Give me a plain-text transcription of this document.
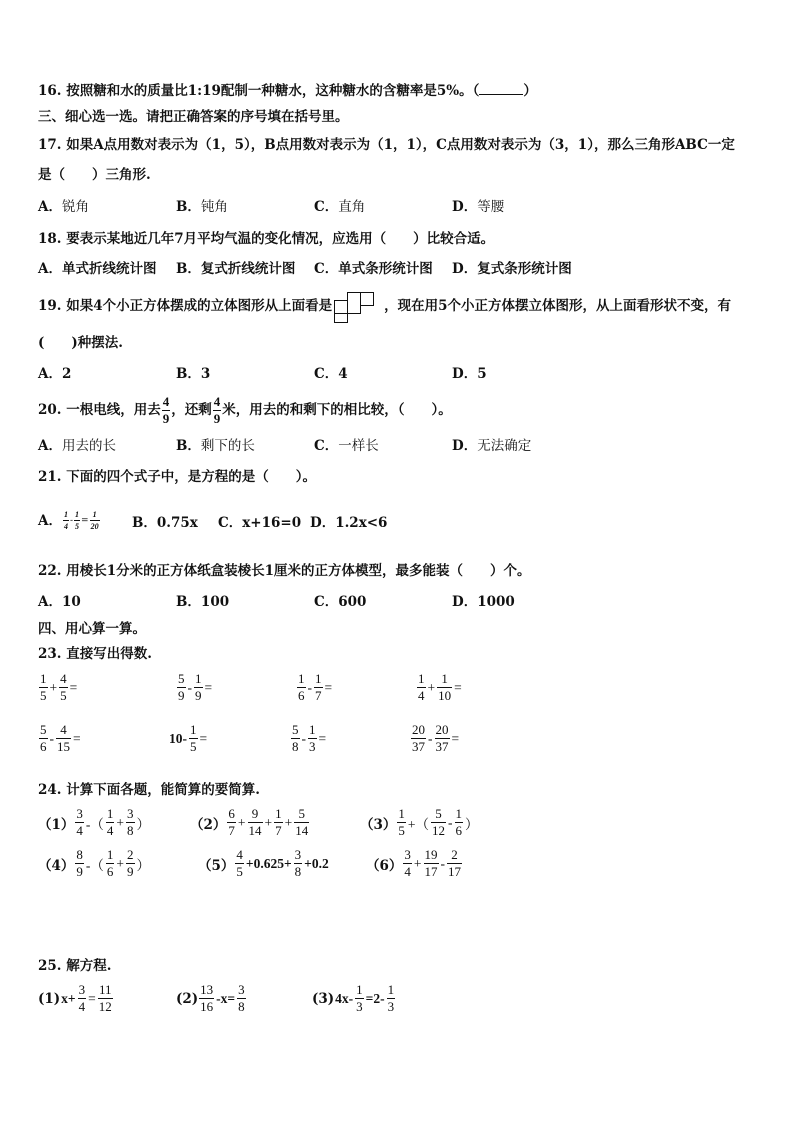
16. 按照糖和水的质量比1:19配制一种糖水，这种糖水的含糖率是5%。（	）
三、细心选一选。请把正确答案的序号填在括号里。
17. 如果A点用数对表示为（1，5），B点用数对表示为（1，1），C点用数对表示为（3，1），那么三角形ABC一定
是（　　）三角形.
A．锐角	B．钝角	C．直角	D．等腰
18. 要表示某地近几年7月平均气温的变化情况，应选用（　　）比较合适。
A．单式折线统计图 B．复式折线统计图 C．单式条形统计图 D．复式条形统计图
19. 如果4个小正方体摆成的立体图形从上面看是	，现在用5个小正方体摆立体图形，从上面看形状不变，有
(　　)种摆法.
A．2	B．3	C．4	D．5
20. 一根电线，用去 $\frac{4}{9}$ ，还剩 $\frac{4}{9}$ 米，用去的和剩下的相比较，（　　）。
A．用去的长	B．剩下的长	C．一样长	D．无法确定
21. 下面的四个式子中，是方程的是（　　）。
A． $\frac{1}{4} - \frac{1}{5} = \frac{1}{20}$ B．0.75x C．x+16=0 D．1.2x<6
22. 用棱长1分米的正方体纸盒装棱长1厘米的正方体模型，最多能装（　　）个。
A．10	B．100	C．600	D．1000
四、用心算一算。
23. 直接写出得数.
$\frac{1}{5} + \frac{4}{5}$ =	$\frac{5}{9} - \frac{1}{9}$ =	$\frac{1}{6} - \frac{1}{7}$ =	$\frac{1}{4} + \frac{1}{10}$ =
$\frac{5}{6} - \frac{4}{15}$ =	$10- \frac{1}{5}$ =	$\frac{5}{8} - \frac{1}{3}$ =	$\frac{20}{37} - \frac{20}{37}$ =
24. 计算下面各题，能简算的要简算.
$(1) \frac{3}{4}$ -（ $\frac{1}{4} + \frac{3}{8}$ ）	$(2) \frac{6}{7} + \frac{9}{14} + \frac{1}{7} + \frac{5}{14}$	$(3) \frac{1}{5}$ +（ $\frac{5}{12} - \frac{1}{6}$ ）
$(4) \frac{8}{9}$ -（ $\frac{1}{6} + \frac{2}{9}$ ）	$(5) \frac{4}{5} +0.625+ \frac{3}{8} +0.2$	$(6) \frac{3}{4} + \frac{19}{17} - \frac{2}{17}$
25. 解方程.
(1) $x+ \frac{3}{4} = \frac{11}{12}$	$(2) \frac{13}{16} -x= \frac{3}{8}$	(3) $4x- \frac{1}{3} =2- \frac{1}{3}$
